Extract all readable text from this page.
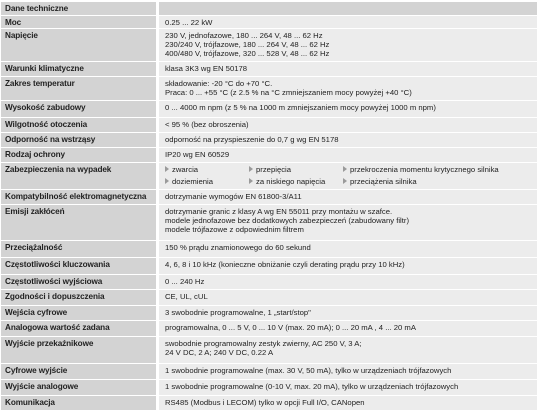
Dane techniczne
Moc	0.25 ... 22 kW
Napięcie	230 V, jednofazowe, 180 ... 264 V, 48 ... 62 Hz
230/240 V, trójfazowe, 180 ... 264 V, 48 ... 62 Hz
400/480 V, trójfazowe, 320 ... 528 V, 48 ... 62 Hz
Warunki klimatyczne	klasa 3K3 wg EN 50178
Zakres temperatur	składowanie: -20 °C do +70 °C.
Praca: 0 ... +55 °C (z 2.5 % na °C zmniejszaniem mocy powyżej +40 °C)
Wysokość zabudowy	0 ... 4000 m npm (z 5 % na 1000 m zmniejszaniem mocy powyżej 1000 m npm)
Wilgotność otoczenia	< 95 % (bez obroszenia)
Odporność na wstrząsy	odporność na przyspieszenie do 0,7 g wg EN 5178
Rodzaj ochrony	IP20 wg EN 60529
Zabezpieczenia na wypadek	zwarcia	przepięcia	przekroczenia momentu krytycznego silnika
doziemienia	za niskiego napięcia	przeciążenia silnika
Kompatybilność elektromagnetyczna	dotrzymanie wymogów EN 61800-3/A11
Emisji zakłóceń	dotrzymanie granic z klasy A wg EN 55011 przy montażu w szafce.
modele jednofazowe bez dodatkowych zabezpieczeń (zabudowany filtr)
modele trójfazowe z odpowiednim filtrem
Przeciążalność	150 % prądu znamionowego do 60 sekund
Częstotliwości kluczowania	4, 6, 8 i 10 kHz (konieczne obniżanie czyli derating prądu przy 10 kHz)
Częstotliwości wyjściowa	0 ... 240 Hz
Zgodności i dopuszczenia	CE, UL, cUL
Wejścia cyfrowe	3 swobodnie programowalne, 1 „start/stop"
Analogowa wartość zadana	programowalna, 0 ... 5 V, 0 ... 10 V (max. 20 mA); 0 ... 20 mA , 4 ... 20 mA
Wyjście przekaźnikowe	swobodnie programowalny zestyk zwierny, AC 250 V, 3 A;
24 V DC, 2 A; 240 V DC, 0.22 A
Cyfrowe wyjście	1 swobodnie programowalne (max. 30 V, 50 mA), tylko w urządzeniach trójfazowych
Wyjście analogowe	1 swobodnie programowalne (0-10 V, max. 20 mA), tylko w urządzeniach trójfazowych
Komunikacja	RS485 (Modbus i LECOM) tylko w opcji Full I/O, CANopen
